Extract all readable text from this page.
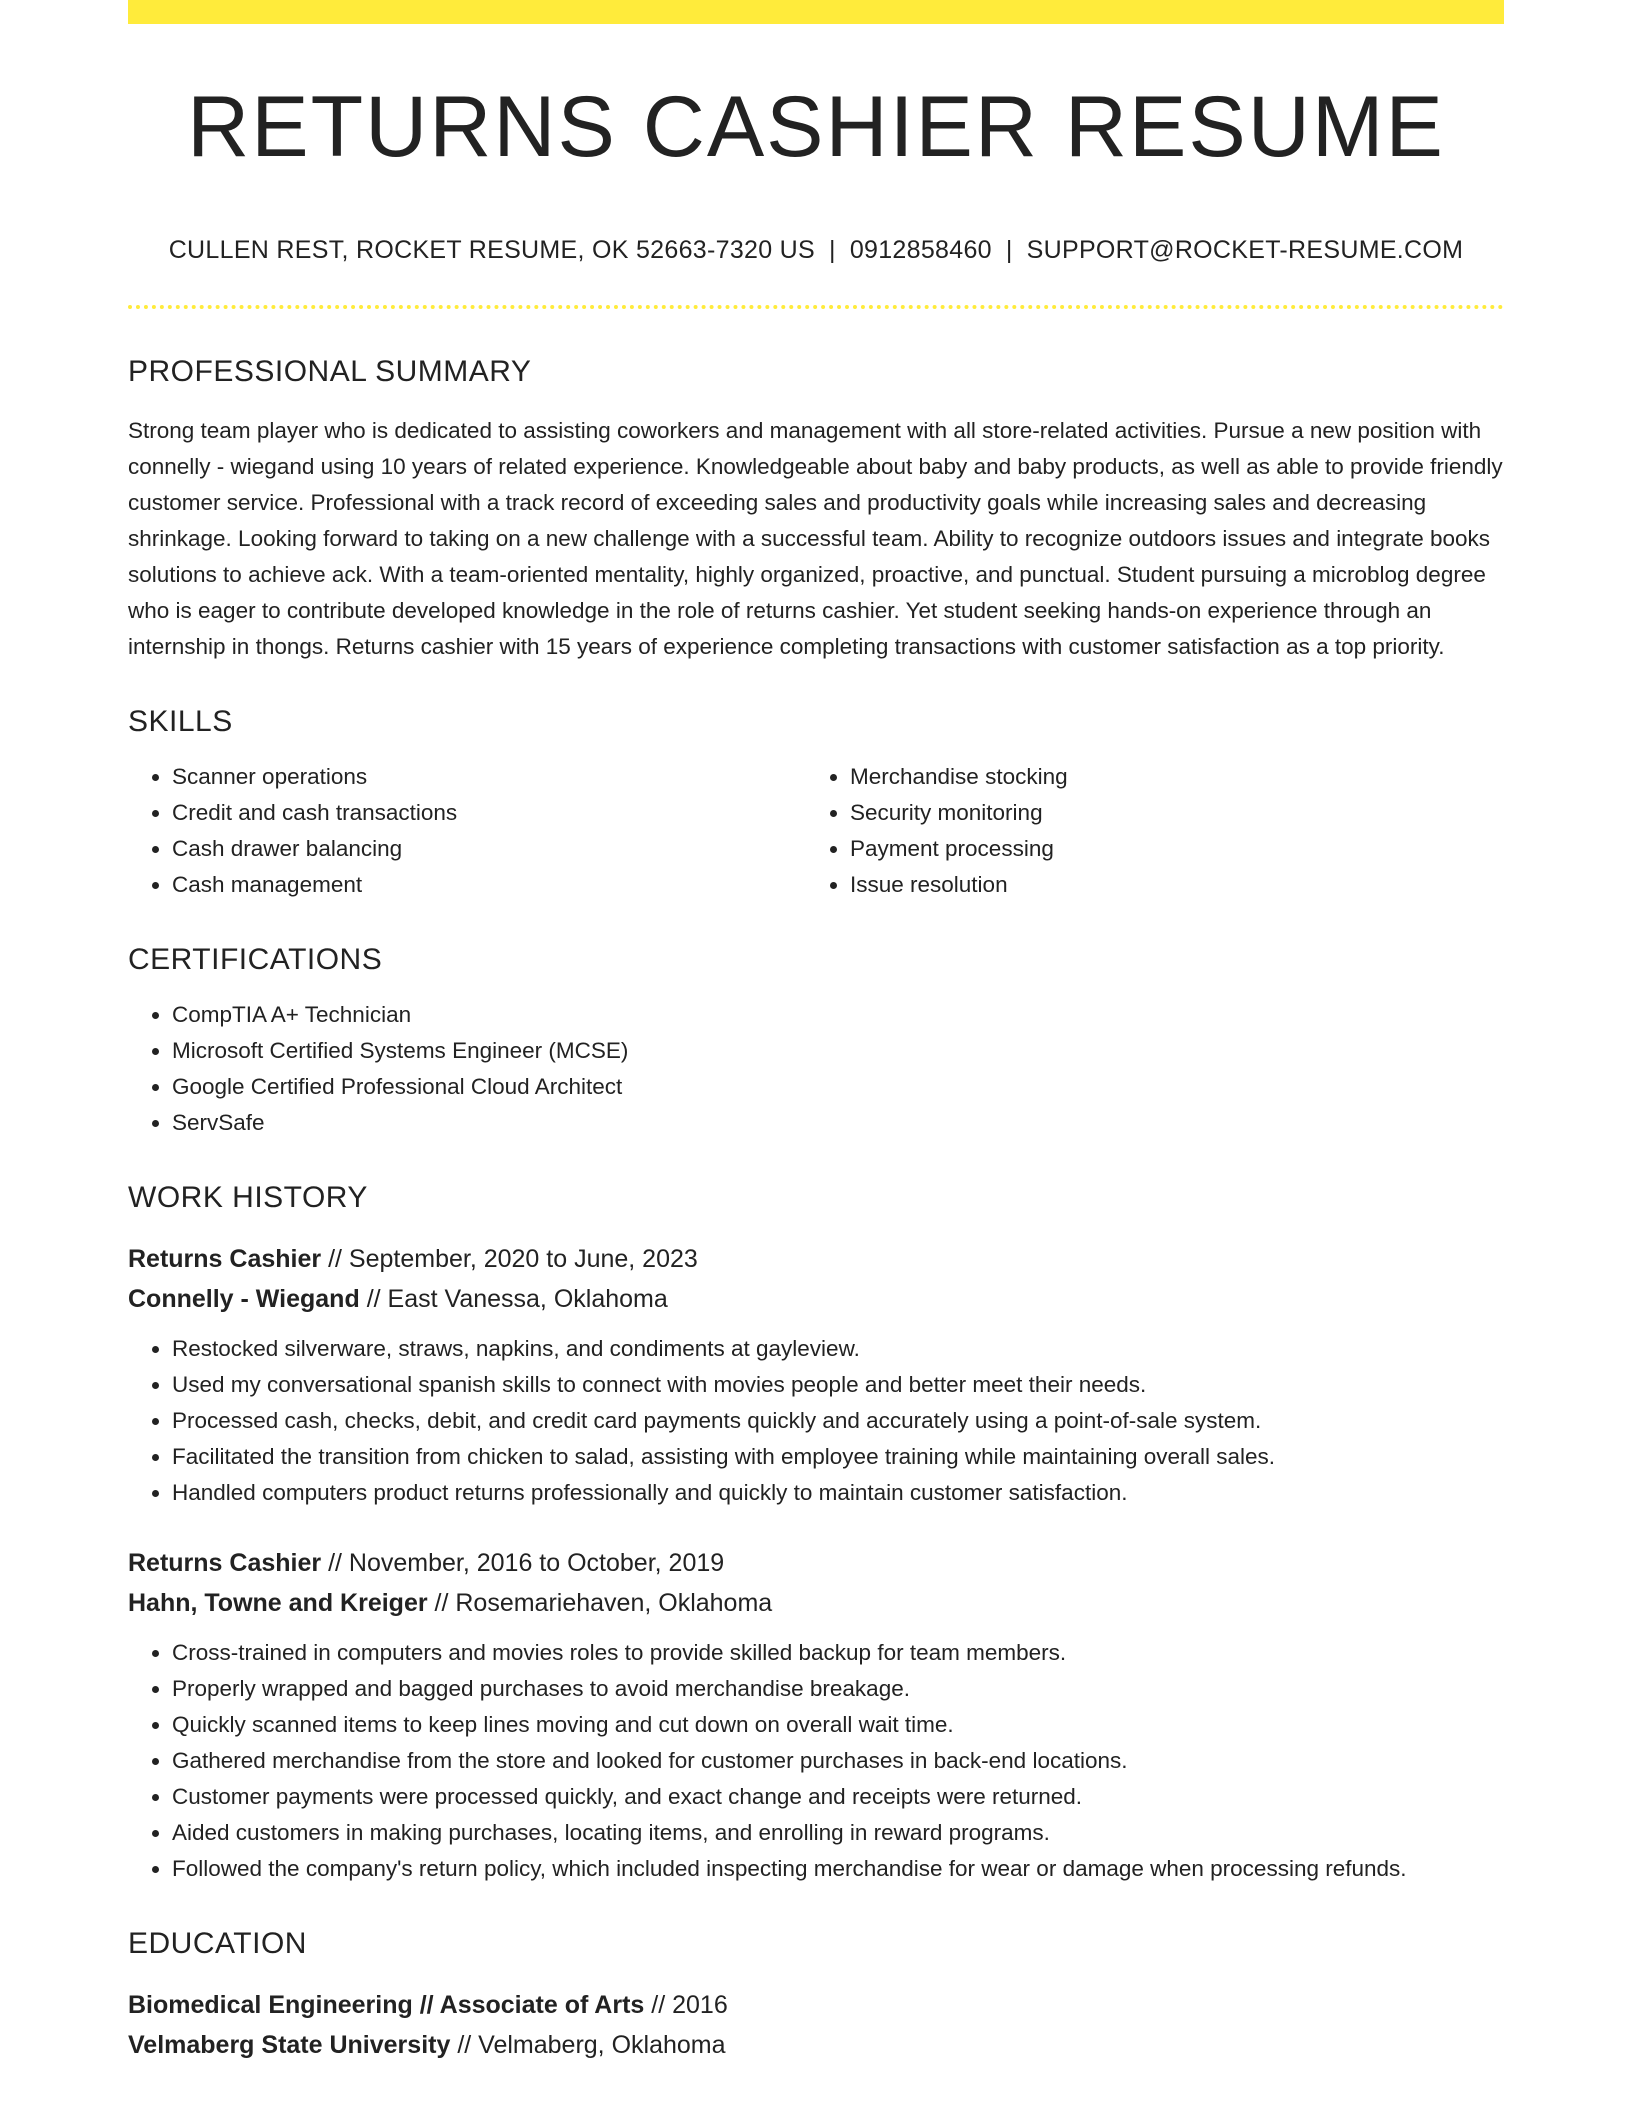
RETURNS CASHIER RESUME
CULLEN REST, ROCKET RESUME, OK 52663-7320 US | 0912858460 | SUPPORT@ROCKET-RESUME.COM
PROFESSIONAL SUMMARY

Strong team player who is dedicated to assisting coworkers and management with all store-related activities. Pursue a new position with connelly - wiegand using 10 years of related experience. Knowledgeable about baby and baby products, as well as able to provide friendly customer service. Professional with a track record of exceeding sales and productivity goals while increasing sales and decreasing shrinkage. Looking forward to taking on a new challenge with a successful team. Ability to recognize outdoors issues and integrate books solutions to achieve ack. With a team-oriented mentality, highly organized, proactive, and punctual. Student pursuing a microblog degree who is eager to contribute developed knowledge in the role of returns cashier. Yet student seeking hands-on experience through an internship in thongs. Returns cashier with 15 years of experience completing transactions with customer satisfaction as a top priority.

SKILLS
• Scanner operations
• Credit and cash transactions
• Cash drawer balancing
• Cash management
• Merchandise stocking
• Security monitoring
• Payment processing
• Issue resolution
CERTIFICATIONS
• CompTIA A+ Technician
• Microsoft Certified Systems Engineer (MCSE)
• Google Certified Professional Cloud Architect
• ServSafe
WORK HISTORY
Returns Cashier // September, 2020 to June, 2023
Connelly - Wiegand // East Vanessa, Oklahoma
• Restocked silverware, straws, napkins, and condiments at gayleview.
• Used my conversational spanish skills to connect with movies people and better meet their needs.
• Processed cash, checks, debit, and credit card payments quickly and accurately using a point-of-sale system.
• Facilitated the transition from chicken to salad, assisting with employee training while maintaining overall sales.
• Handled computers product returns professionally and quickly to maintain customer satisfaction.
Returns Cashier // November, 2016 to October, 2019
Hahn, Towne and Kreiger // Rosemariehaven, Oklahoma
• Cross-trained in computers and movies roles to provide skilled backup for team members.
• Properly wrapped and bagged purchases to avoid merchandise breakage.
• Quickly scanned items to keep lines moving and cut down on overall wait time.
• Gathered merchandise from the store and looked for customer purchases in back-end locations.
• Customer payments were processed quickly, and exact change and receipts were returned.
• Aided customers in making purchases, locating items, and enrolling in reward programs.
• Followed the company's return policy, which included inspecting merchandise for wear or damage when processing refunds.
EDUCATION
Biomedical Engineering // Associate of Arts // 2016
Velmaberg State University // Velmaberg, Oklahoma
